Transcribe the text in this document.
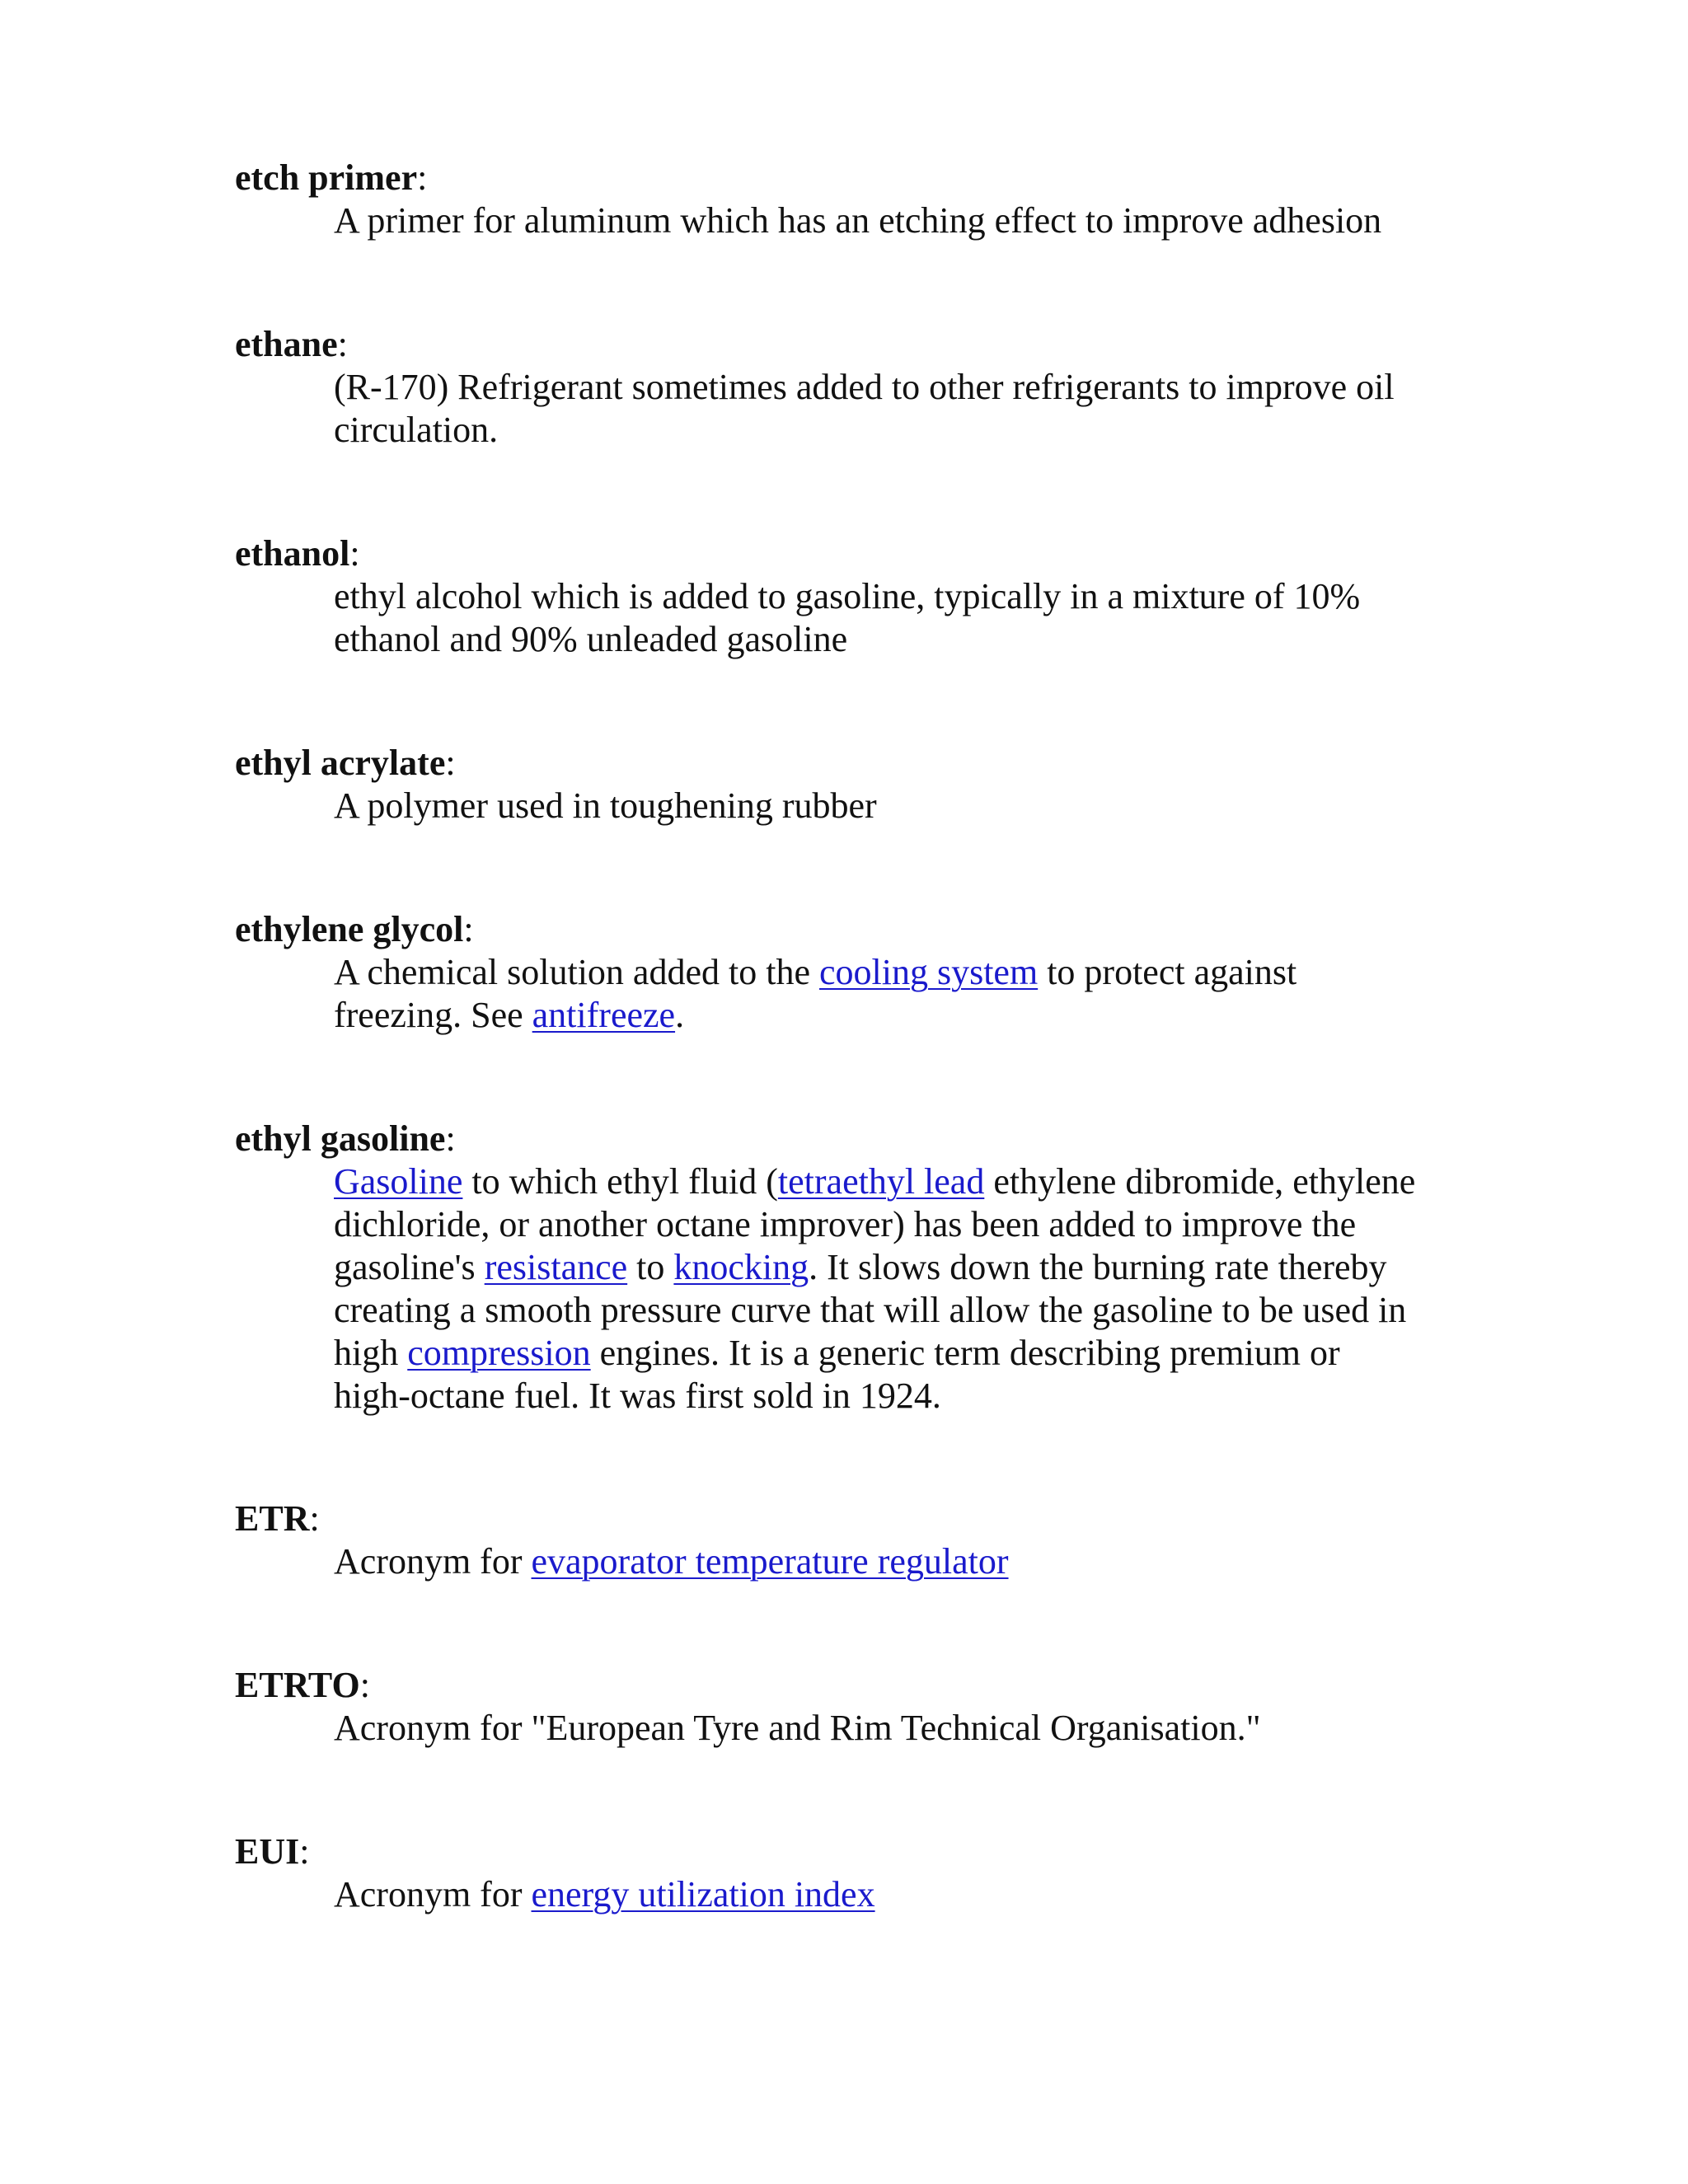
etch primer:
A primer for aluminum which has an etching effect to improve adhesion
ethane:
(R-170) Refrigerant sometimes added to other refrigerants to improve oil
circulation.
ethanol:
ethyl alcohol which is added to gasoline, typically in a mixture of 10%
ethanol and 90% unleaded gasoline
ethyl acrylate:
A polymer used in toughening rubber
ethylene glycol:
A chemical solution added to the cooling system to protect against
freezing. See antifreeze.
ethyl gasoline:
Gasoline to which ethyl fluid (tetraethyl lead ethylene dibromide, ethylene
dichloride, or another octane improver) has been added to improve the
gasoline's resistance to knocking. It slows down the burning rate thereby
creating a smooth pressure curve that will allow the gasoline to be used in
high compression engines. It is a generic term describing premium or
high-octane fuel. It was first sold in 1924.
ETR:
Acronym for evaporator temperature regulator
ETRTO:
Acronym for "European Tyre and Rim Technical Organisation."
EUI:
Acronym for energy utilization index
